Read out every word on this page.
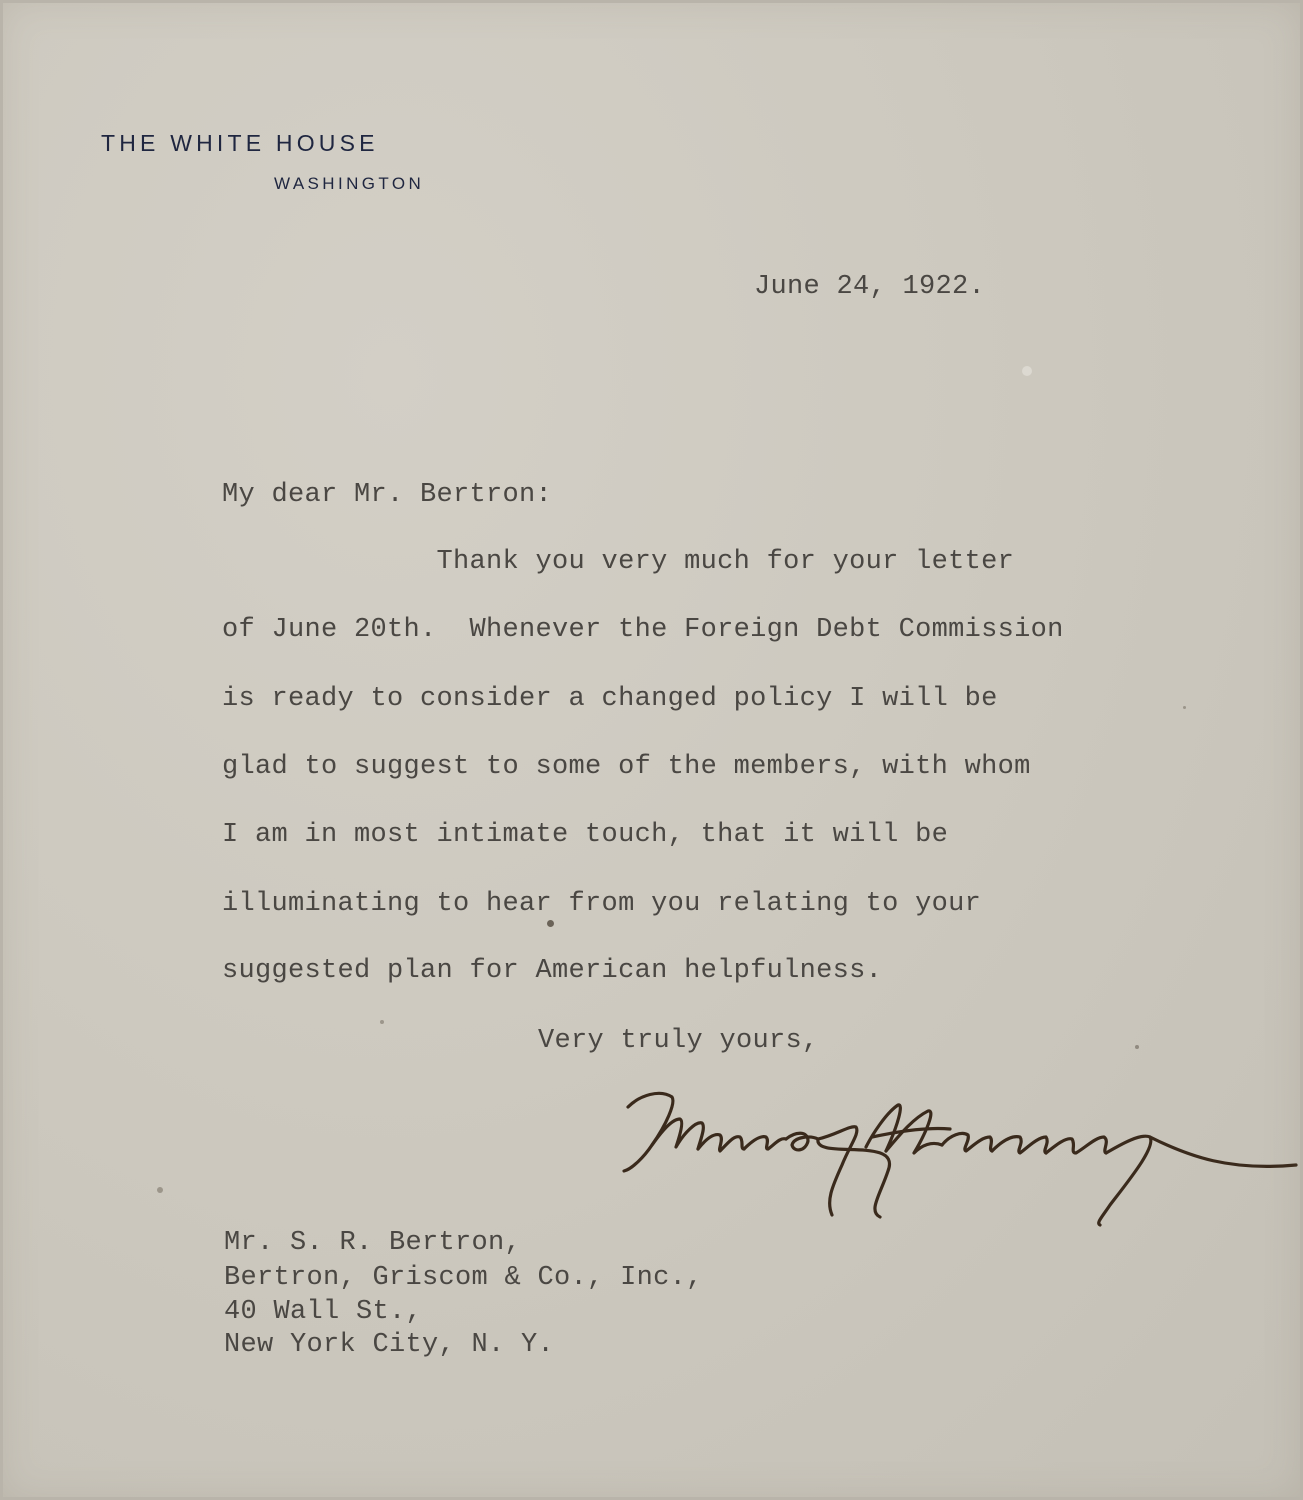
THE WHITE HOUSE
WASHINGTON
June 24, 1922.
My dear Mr. Bertron:

Thank you very much for your letter

of June 20th.  Whenever the Foreign Debt Commission

is ready to consider a changed policy I will be

glad to suggest to some of the members, with whom

I am in most intimate touch, that it will be

illuminating to hear from you relating to your

suggested plan for American helpfulness.

Very truly yours,

Mr. S. R. Bertron,

Bertron, Griscom & Co., Inc.,

40 Wall St.,

New York City, N. Y.
